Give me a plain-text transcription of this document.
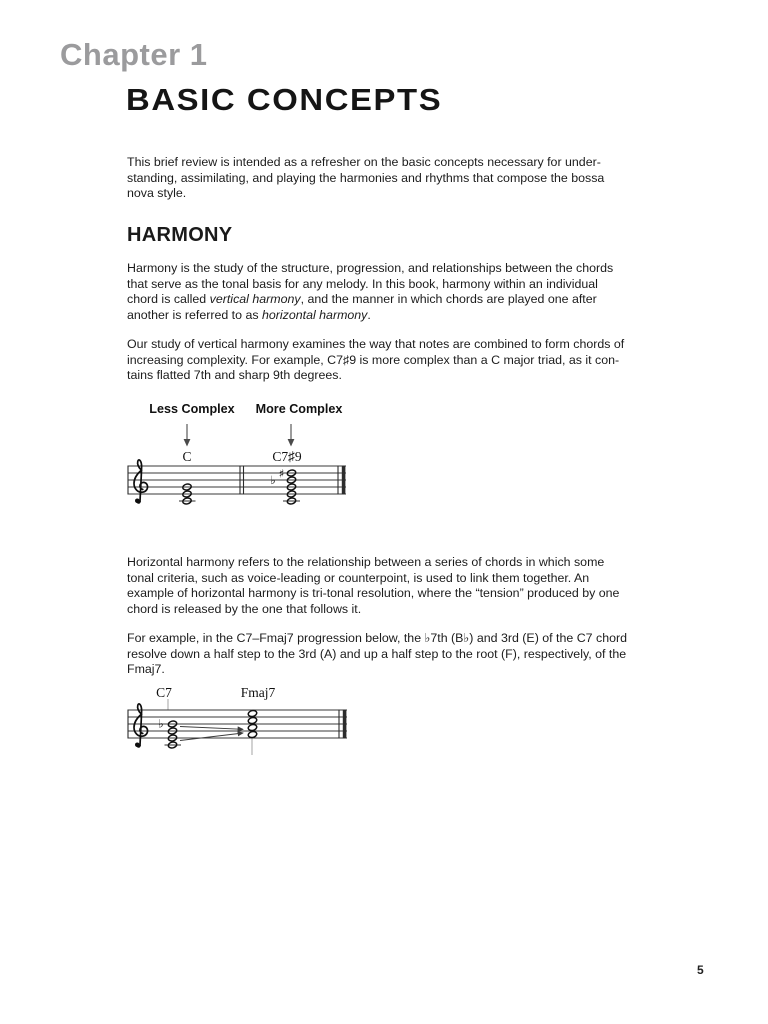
Chapter 1
BASIC CONCEPTS
This brief review is intended as a refresher on the basic concepts necessary for under-
standing, assimilating, and playing the harmonies and rhythms that compose the bossa
nova style.
HARMONY
Harmony is the study of the structure, progression, and relationships between the chords
that serve as the tonal basis for any melody. In this book, harmony within an individual
chord is called vertical harmony, and the manner in which chords are played one after
another is referred to as horizontal harmony.
Our study of vertical harmony examines the way that notes are combined to form chords of
increasing complexity. For example, C7♯9 is more complex than a C major triad, as it con-
tains flatted 7th and sharp 9th degrees.
Less Complex More Complex
C	C7♯9
♭ ♯
Horizontal harmony refers to the relationship between a series of chords in which some
tonal criteria, such as voice-leading or counterpoint, is used to link them together. An
example of horizontal harmony is tri-tonal resolution, where the “tension” produced by one
chord is released by the one that follows it.
For example, in the C7–Fmaj7 progression below, the ♭7th (B♭) and 3rd (E) of the C7 chord
resolve down a half step to the 3rd (A) and up a half step to the root (F), respectively, of the
Fmaj7.
C7	Fmaj7
♭
5
